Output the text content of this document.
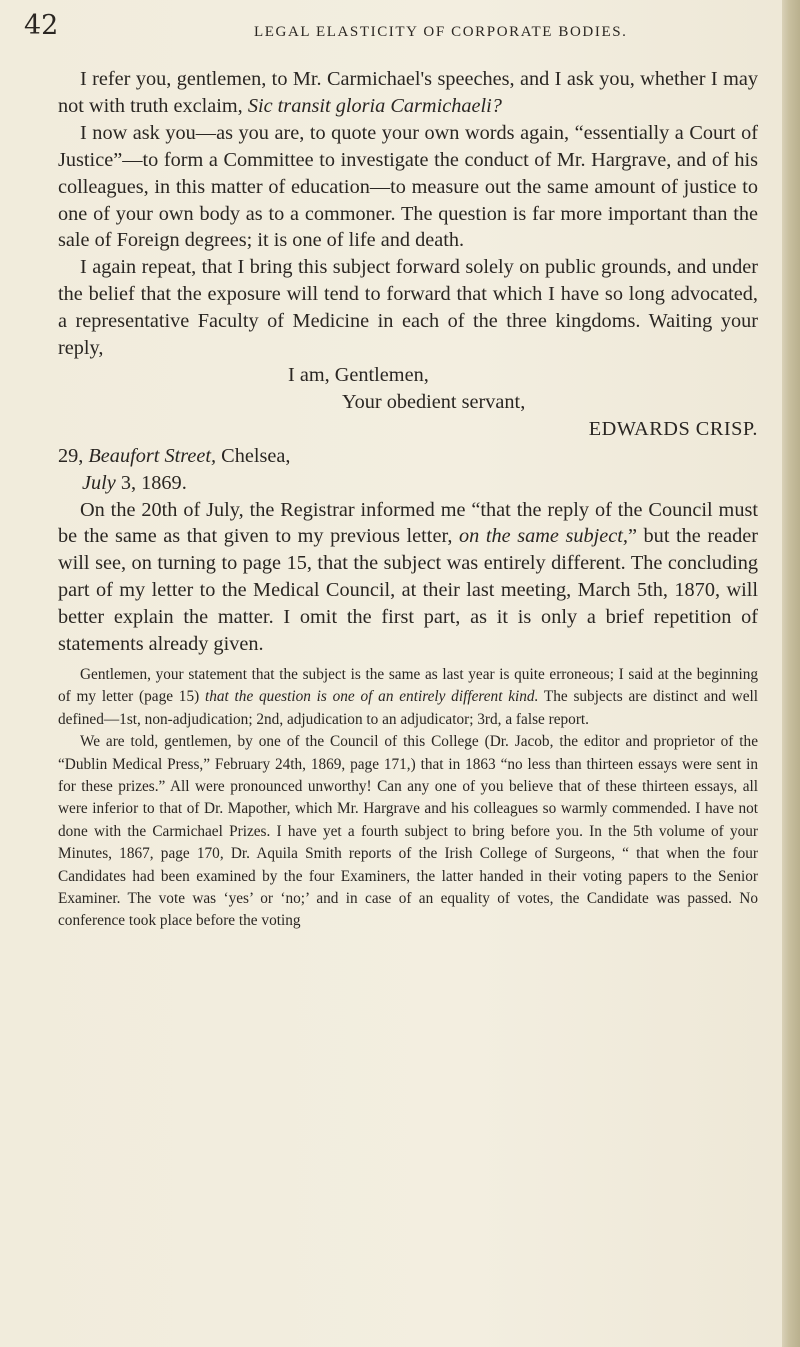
42	LEGAL ELASTICITY OF CORPORATE BODIES.

I refer you, gentlemen, to Mr. Carmichael's speeches, and I ask you, whether I may not with truth exclaim, Sic transit gloria Carmichaeli?

I now ask you—as you are, to quote your own words again, “essentially a Court of Justice”—to form a Committee to investigate the conduct of Mr. Hargrave, and of his colleagues, in this matter of education—to measure out the same amount of justice to one of your own body as to a commoner. The question is far more important than the sale of Foreign degrees; it is one of life and death.

I again repeat, that I bring this subject forward solely on public grounds, and under the belief that the exposure will tend to forward that which I have so long advocated, a representative Faculty of Medicine in each of the three kingdoms. Waiting your reply,

I am, Gentlemen,
Your obedient servant,
EDWARDS CRISP.
29, Beaufort Street, Chelsea,
July 3, 1869.

On the 20th of July, the Registrar informed me “that the reply of the Council must be the same as that given to my previous letter, on the same subject,” but the reader will see, on turning to page 15, that the subject was entirely different. The concluding part of my letter to the Medical Council, at their last meeting, March 5th, 1870, will better explain the matter. I omit the first part, as it is only a brief repetition of statements already given.

Gentlemen, your statement that the subject is the same as last year is quite erroneous; I said at the beginning of my letter (page 15) that the question is one of an entirely different kind. The subjects are distinct and well defined—1st, non-adjudication; 2nd, adjudication to an adjudicator; 3rd, a false report.

We are told, gentlemen, by one of the Council of this College (Dr. Jacob, the editor and proprietor of the “Dublin Medical Press,” February 24th, 1869, page 171,) that in 1863 “no less than thirteen essays were sent in for these prizes.” All were pronounced unworthy! Can any one of you believe that of these thirteen essays, all were inferior to that of Dr. Mapother, which Mr. Hargrave and his colleagues so warmly commended. I have not done with the Carmichael Prizes. I have yet a fourth subject to bring before you. In the 5th volume of your Minutes, 1867, page 170, Dr. Aquila Smith reports of the Irish College of Surgeons, “ that when the four Candidates had been examined by the four Examiners, the latter handed in their voting papers to the Senior Examiner. The vote was ‘yes’ or ‘no;’ and in case of an equality of votes, the Candidate was passed. No conference took place before the voting
